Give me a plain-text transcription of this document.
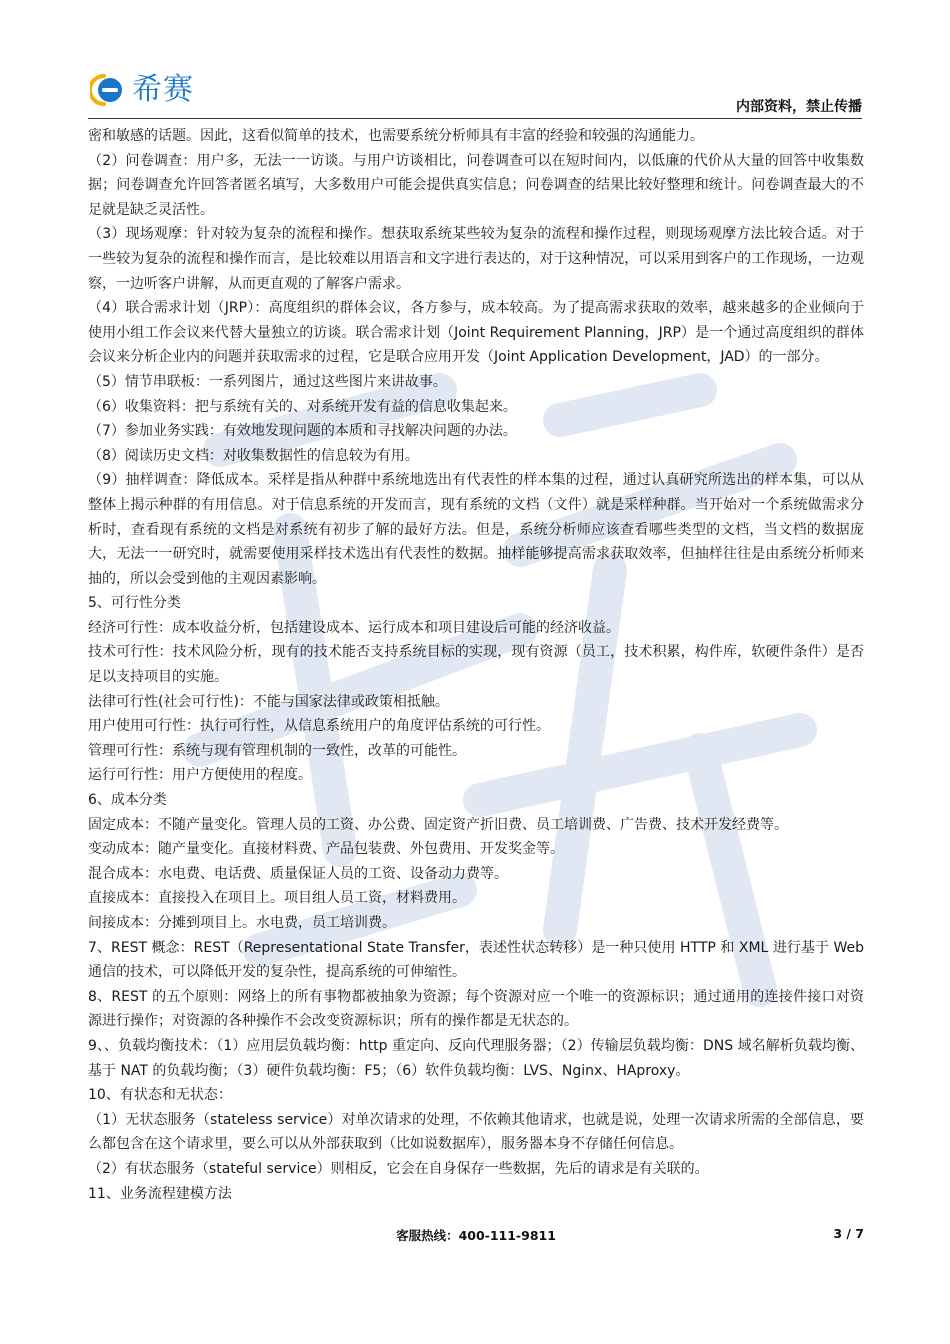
希赛	内部资料，禁止传播

密和敏感的话题。因此，这看似简单的技术，也需要系统分析师具有丰富的经验和较强的沟通能力。

（2）问卷调查：用户多，无法一一访谈。与用户访谈相比，问卷调查可以在短时间内，以低廉的代价从大量的回答中收集数据；问卷调查允许回答者匿名填写，大多数用户可能会提供真实信息；问卷调查的结果比较好整理和统计。问卷调查最大的不足就是缺乏灵活性。

（3）现场观摩：针对较为复杂的流程和操作。想获取系统某些较为复杂的流程和操作过程，则现场观摩方法比较合适。对于一些较为复杂的流程和操作而言，是比较难以用语言和文字进行表达的，对于这种情况，可以采用到客户的工作现场，一边观察，一边听客户讲解，从而更直观的了解客户需求。

（4）联合需求计划（JRP）：高度组织的群体会议，各方参与，成本较高。为了提高需求获取的效率，越来越多的企业倾向于使用小组工作会议来代替大量独立的访谈。联合需求计划（Joint Requirement Planning，JRP）是一个通过高度组织的群体会议来分析企业内的问题并获取需求的过程，它是联合应用开发（Joint Application Development，JAD）的一部分。

（5）情节串联板：一系列图片，通过这些图片来讲故事。

（6）收集资料：把与系统有关的、对系统开发有益的信息收集起来。

（7）参加业务实践：有效地发现问题的本质和寻找解决问题的办法。

（8）阅读历史文档：对收集数据性的信息较为有用。

（9）抽样调查：降低成本。采样是指从种群中系统地选出有代表性的样本集的过程，通过认真研究所选出的样本集，可以从整体上揭示种群的有用信息。对于信息系统的开发而言，现有系统的文档（文件）就是采样种群。当开始对一个系统做需求分析时，查看现有系统的文档是对系统有初步了解的最好方法。但是，系统分析师应该查看哪些类型的文档，当文档的数据庞大，无法一一研究时，就需要使用采样技术选出有代表性的数据。抽样能够提高需求获取效率，但抽样往往是由系统分析师来抽的，所以会受到他的主观因素影响。

5、可行性分类

经济可行性：成本收益分析，包括建设成本、运行成本和项目建设后可能的经济收益。

技术可行性：技术风险分析，现有的技术能否支持系统目标的实现，现有资源（员工，技术积累，构件库，软硬件条件）是否足以支持项目的实施。

法律可行性(社会可行性)：不能与国家法律或政策相抵触。

用户使用可行性：执行可行性，从信息系统用户的角度评估系统的可行性。

管理可行性：系统与现有管理机制的一致性，改革的可能性。

运行可行性：用户方便使用的程度。

6、成本分类

固定成本：不随产量变化。管理人员的工资、办公费、固定资产折旧费、员工培训费、广告费、技术开发经费等。

变动成本：随产量变化。直接材料费、产品包装费、外包费用、开发奖金等。

混合成本：水电费、电话费、质量保证人员的工资、设备动力费等。

直接成本：直接投入在项目上。项目组人员工资，材料费用。

间接成本：分摊到项目上。水电费，员工培训费。

7、REST 概念：REST（Representational State Transfer，表述性状态转移）是一种只使用 HTTP 和 XML 进行基于 Web 通信的技术，可以降低开发的复杂性，提高系统的可伸缩性。

8、REST 的五个原则：网络上的所有事物都被抽象为资源；每个资源对应一个唯一的资源标识；通过通用的连接件接口对资源进行操作；对资源的各种操作不会改变资源标识；所有的操作都是无状态的。

9、、负载均衡技术：（1）应用层负载均衡：http 重定向、反向代理服务器；（2）传输层负载均衡：DNS 域名解析负载均衡、基于 NAT 的负载均衡；（3）硬件负载均衡：F5；（6）软件负载均衡：LVS、Nginx、HAproxy。

10、有状态和无状态：

（1）无状态服务（stateless service）对单次请求的处理，不依赖其他请求，也就是说，处理一次请求所需的全部信息，要么都包含在这个请求里，要么可以从外部获取到（比如说数据库），服务器本身不存储任何信息。

（2）有状态服务（stateful service）则相反，它会在自身保存一些数据，先后的请求是有关联的。

11、业务流程建模方法

客服热线：400-111-9811	3 / 7
